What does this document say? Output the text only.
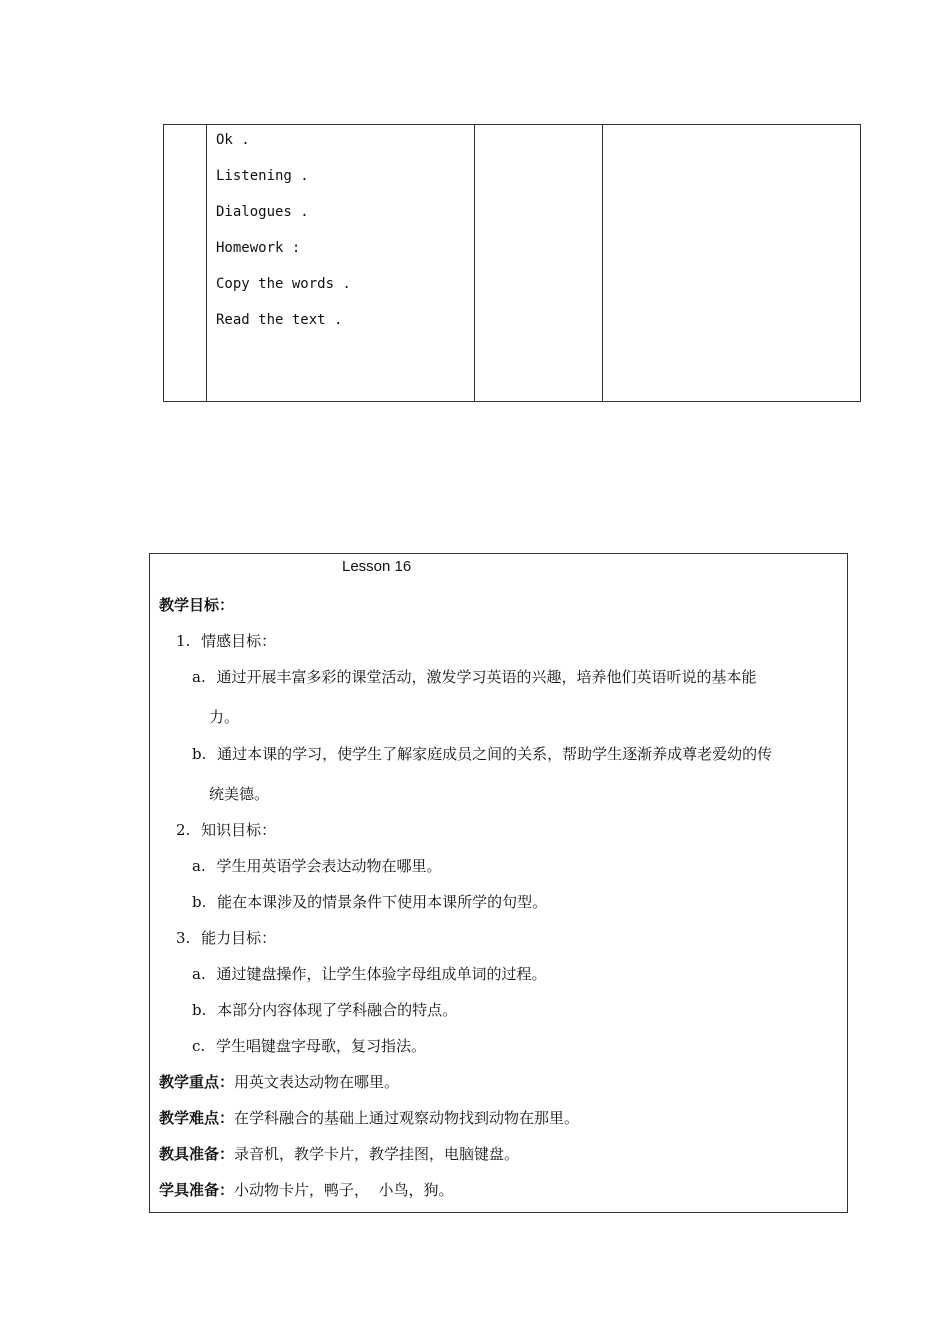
Ok .
Listening .
Dialogues .
Homework :
Copy the words .
Read the text .
Lesson 16
教学目标：
1. 情感目标：
a. 通过开展丰富多彩的课堂活动，激发学习英语的兴趣，培养他们英语听说的基本能
力。
b. 通过本课的学习，使学生了解家庭成员之间的关系，帮助学生逐渐养成尊老爱幼的传
统美德。
2. 知识目标：
a. 学生用英语学会表达动物在哪里。
b. 能在本课涉及的情景条件下使用本课所学的句型。
3. 能力目标：
a. 通过键盘操作，让学生体验字母组成单词的过程。
b. 本部分内容体现了学科融合的特点。
c. 学生唱键盘字母歌，复习指法。
教学重点：用英文表达动物在哪里。
教学难点：在学科融合的基础上通过观察动物找到动物在那里。
教具准备：录音机，教学卡片，教学挂图，电脑键盘。
学具准备：小动物卡片，鸭子，  小鸟，狗。
